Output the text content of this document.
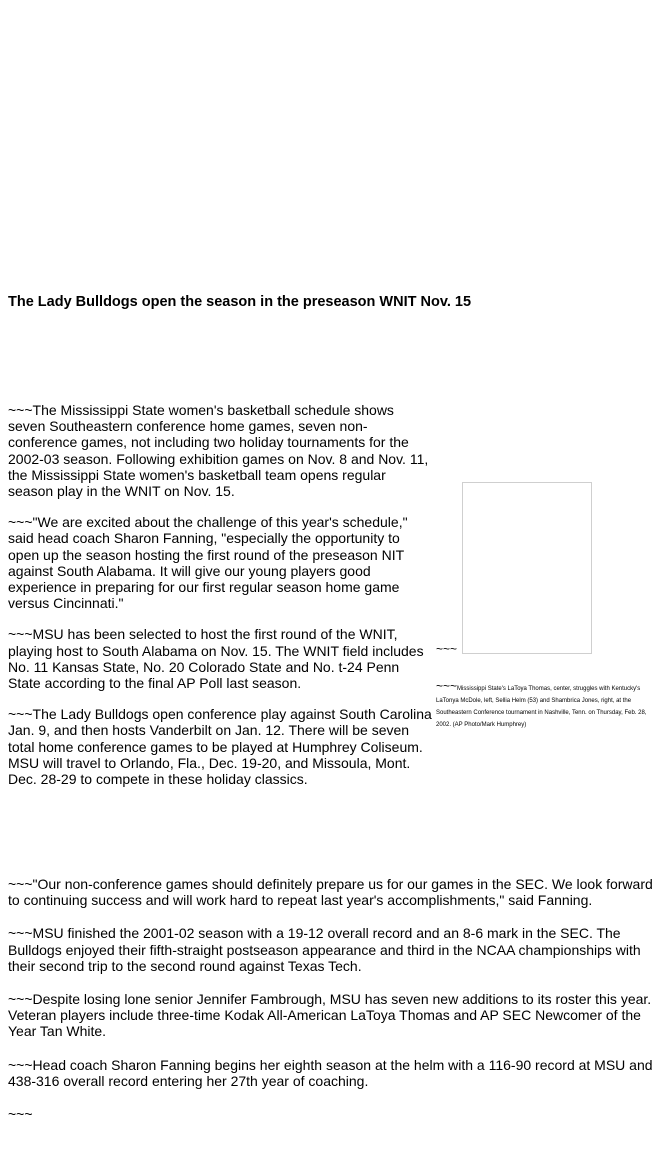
The Lady Bulldogs open the season in the preseason WNIT Nov. 15

~~~The Mississippi State women's basketball schedule shows seven Southeastern conference home games, seven non-conference games, not including two holiday tournaments for the 2002-03 season. Following exhibition games on Nov. 8 and Nov. 11, the Mississippi State women's basketball team opens regular season play in the WNIT on Nov. 15.

~~~"We are excited about the challenge of this year's schedule," said head coach Sharon Fanning, "especially the opportunity to open up the season hosting the first round of the preseason NIT against South Alabama. It will give our young players good experience in preparing for our first regular season home game versus Cincinnati."

~~~MSU has been selected to host the first round of the WNIT, playing host to South Alabama on Nov. 15. The WNIT field includes No. 11 Kansas State, No. 20 Colorado State and No. t-24 Penn State according to the final AP Poll last season.

~~~The Lady Bulldogs open conference play against South Carolina Jan. 9, and then hosts Vanderbilt on Jan. 12. There will be seven total home conference games to be played at Humphrey Coliseum. MSU will travel to Orlando, Fla., Dec. 19-20, and Missoula, Mont. Dec. 28-29 to compete in these holiday classics.

~~~
~~~Mississippi State's LaToya Thomas, center, struggles with Kentucky's LaTonya McDole, left, Sellia Helm (53) and Shambrica Jones, right, at the Southeastern Conference tournament in Nashville, Tenn. on Thursday, Feb. 28, 2002. (AP Photo/Mark Humphrey)

~~~"Our non-conference games should definitely prepare us for our games in the SEC. We look forward to continuing success and will work hard to repeat last year's accomplishments," said Fanning.

~~~MSU finished the 2001-02 season with a 19-12 overall record and an 8-6 mark in the SEC. The Bulldogs enjoyed their fifth-straight postseason appearance and third in the NCAA championships with their second trip to the second round against Texas Tech.

~~~Despite losing lone senior Jennifer Fambrough, MSU has seven new additions to its roster this year. Veteran players include three-time Kodak All-American LaToya Thomas and AP SEC Newcomer of the Year Tan White.

~~~Head coach Sharon Fanning begins her eighth season at the helm with a 116-90 record at MSU and 438-316 overall record entering her 27th year of coaching.

~~~
